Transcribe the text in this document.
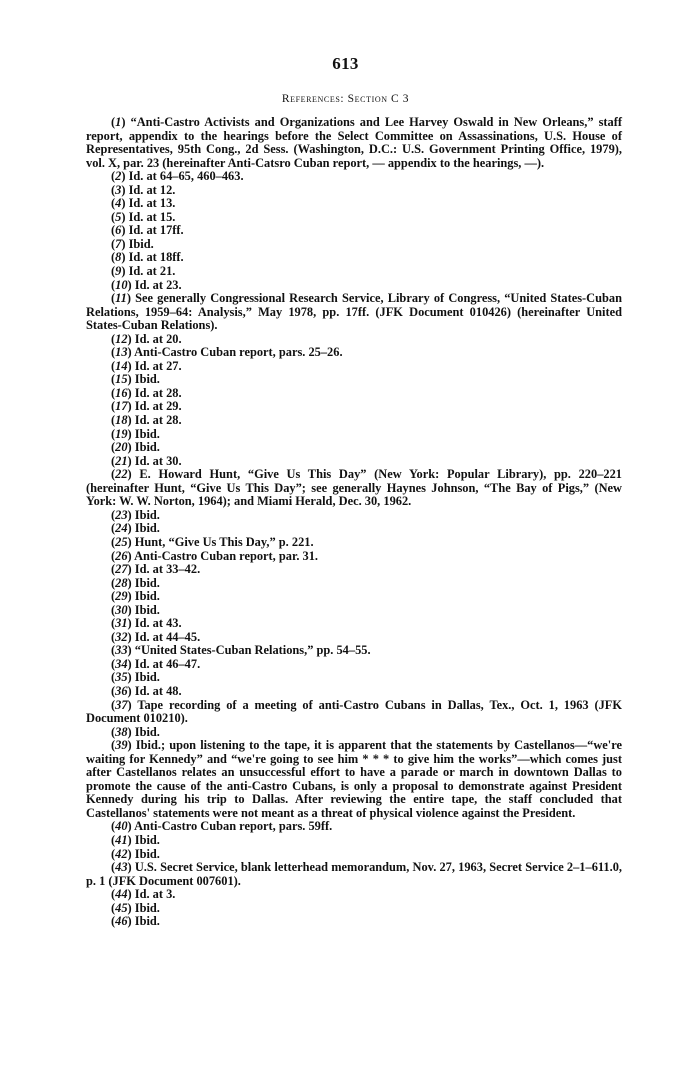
613
References: Section C 3

(1) “Anti-Castro Activists and Organizations and Lee Harvey Oswald in New Orleans,” staff report, appendix to the hearings before the Select Committee on Assassinations, U.S. House of Representatives, 95th Cong., 2d Sess. (Washington, D.C.: U.S. Government Printing Office, 1979), vol. X, par. 23 (hereinafter Anti-Catsro Cuban report, — appendix to the hearings, —).

(2) Id. at 64–65, 460–463.

(3) Id. at 12.

(4) Id. at 13.

(5) Id. at 15.

(6) Id. at 17ff.

(7) Ibid.

(8) Id. at 18ff.

(9) Id. at 21.

(10) Id. at 23.

(11) See generally Congressional Research Service, Library of Congress, “United States-Cuban Relations, 1959–64: Analysis,” May 1978, pp. 17ff. (JFK Document 010426) (hereinafter United States-Cuban Relations).

(12) Id. at 20.

(13) Anti-Castro Cuban report, pars. 25–26.

(14) Id. at 27.

(15) Ibid.

(16) Id. at 28.

(17) Id. at 29.

(18) Id. at 28.

(19) Ibid.

(20) Ibid.

(21) Id. at 30.

(22) E. Howard Hunt, “Give Us This Day” (New York: Popular Library), pp. 220–221 (hereinafter Hunt, “Give Us This Day”; see generally Haynes Johnson, “The Bay of Pigs,” (New York: W. W. Norton, 1964); and Miami Herald, Dec. 30, 1962.

(23) Ibid.

(24) Ibid.

(25) Hunt, “Give Us This Day,” p. 221.

(26) Anti-Castro Cuban report, par. 31.

(27) Id. at 33–42.

(28) Ibid.

(29) Ibid.

(30) Ibid.

(31) Id. at 43.

(32) Id. at 44–45.

(33) “United States-Cuban Relations,” pp. 54–55.

(34) Id. at 46–47.

(35) Ibid.

(36) Id. at 48.

(37) Tape recording of a meeting of anti-Castro Cubans in Dallas, Tex., Oct. 1, 1963 (JFK Document 010210).

(38) Ibid.

(39) Ibid.; upon listening to the tape, it is apparent that the statements by Castellanos—“we're waiting for Kennedy” and “we're going to see him * * * to give him the works”—which comes just after Castellanos relates an unsuccessful effort to have a parade or march in downtown Dallas to promote the cause of the anti-Castro Cubans, is only a proposal to demonstrate against President Kennedy during his trip to Dallas. After reviewing the entire tape, the staff concluded that Castellanos' statements were not meant as a threat of physical violence against the President.

(40) Anti-Castro Cuban report, pars. 59ff.

(41) Ibid.

(42) Ibid.

(43) U.S. Secret Service, blank letterhead memorandum, Nov. 27, 1963, Secret Service 2–1–611.0, p. 1 (JFK Document 007601).

(44) Id. at 3.

(45) Ibid.

(46) Ibid.
